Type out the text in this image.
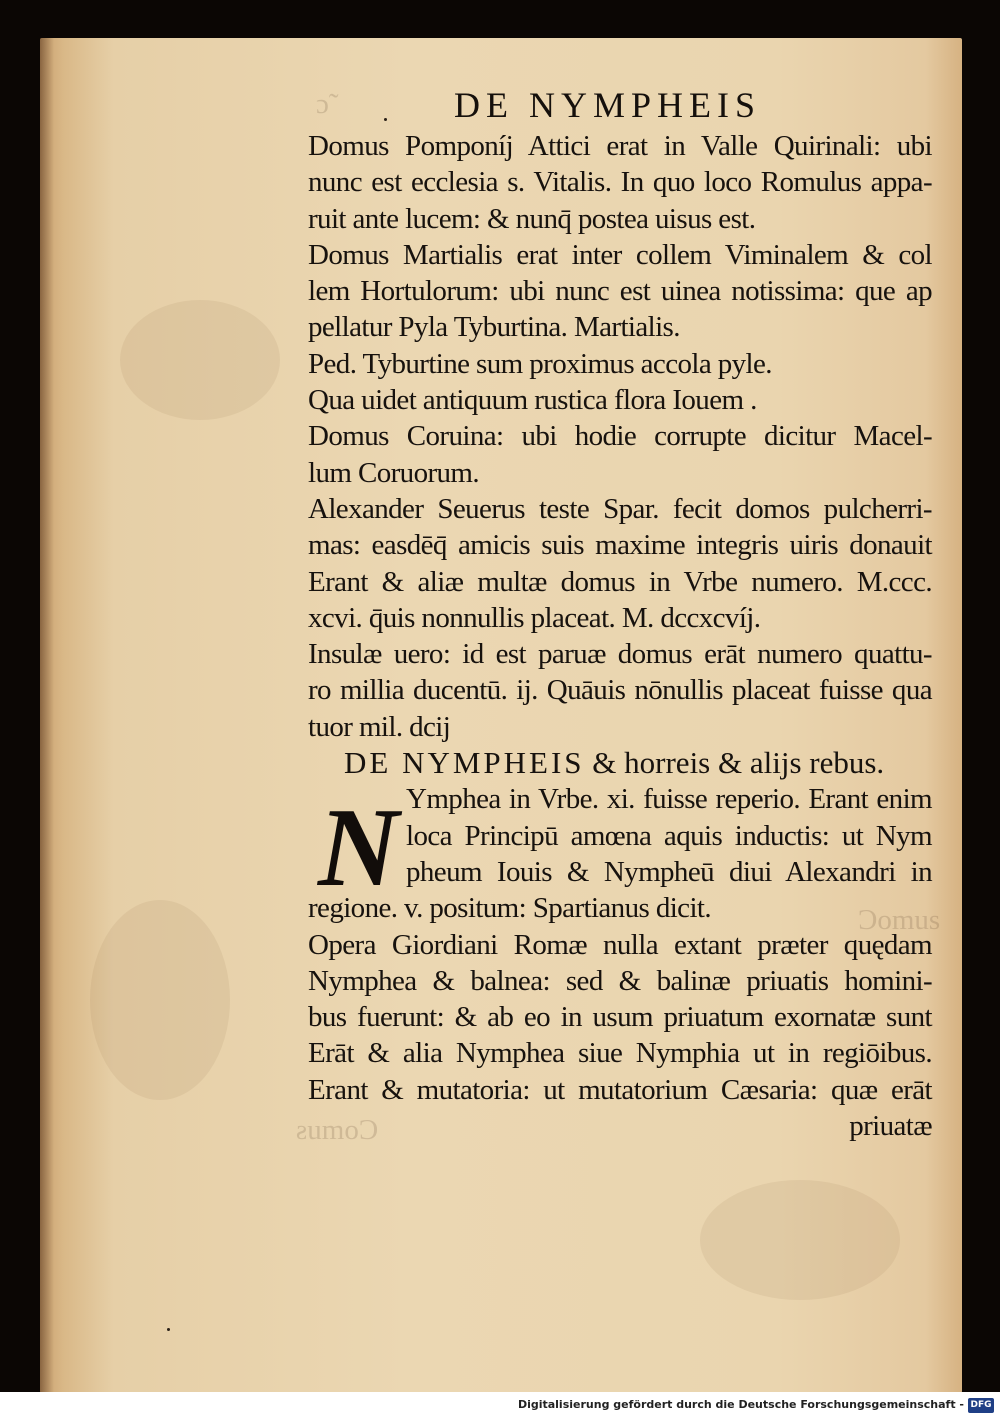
ɔ̃
ƨumoƆ
Ɔomus
DE NYMPHEIS
N
Domus Pomponíj Attici erat in Valle Quirinali: ubi
nunc est ecclesia s. Vitalis. In quo loco Romulus appa-
ruit ante lucem: & nunq̄ postea uisus est.
Domus Martialis erat inter collem Viminalem & col
lem Hortulorum: ubi nunc est uinea notissima: que ap
pellatur Pyla Tyburtina. Martialis.
Ped. Tyburtine sum proximus accola pyle.
Qua uidet antiquum rustica flora Iouem .
Domus Coruina: ubi hodie corrupte dicitur Macel-
lum Coruorum.
Alexander Seuerus teste Spar. fecit domos pulcherri-
mas: easdēq̄ amicis suis maxime integris uiris donauit
Erant & aliæ multæ domus in Vrbe numero. M.ccc.
xcvi. q̄uis nonnullis placeat. M. dccxcvíj.
Insulæ uero: id est paruæ domus erāt numero quattu-
ro millia ducentū. ij. Quāuis nōnullis placeat fuisse qua
tuor mil. dcij
DE NYMPHEIS & horreis & alijs rebus.
Ymphea in Vrbe. xi. fuisse reperio. Erant enim
loca Principū amœna aquis inductis: ut Nym
pheum Iouis & Nympheū diui Alexandri in
regione. v. positum: Spartianus dicit.
Opera Giordiani Romæ nulla extant præter quędam
Nymphea & balnea: sed & balinæ priuatis homini-
bus fuerunt: & ab eo in usum priuatum exornatæ sunt
Erāt & alia Nymphea siue Nymphia ut in regiōibus.
Erant & mutatoria: ut mutatorium Cæsaria: quæ erāt
priuatæ
Digitalisierung gefördert durch die Deutsche Forschungsgemeinschaft - DFG
